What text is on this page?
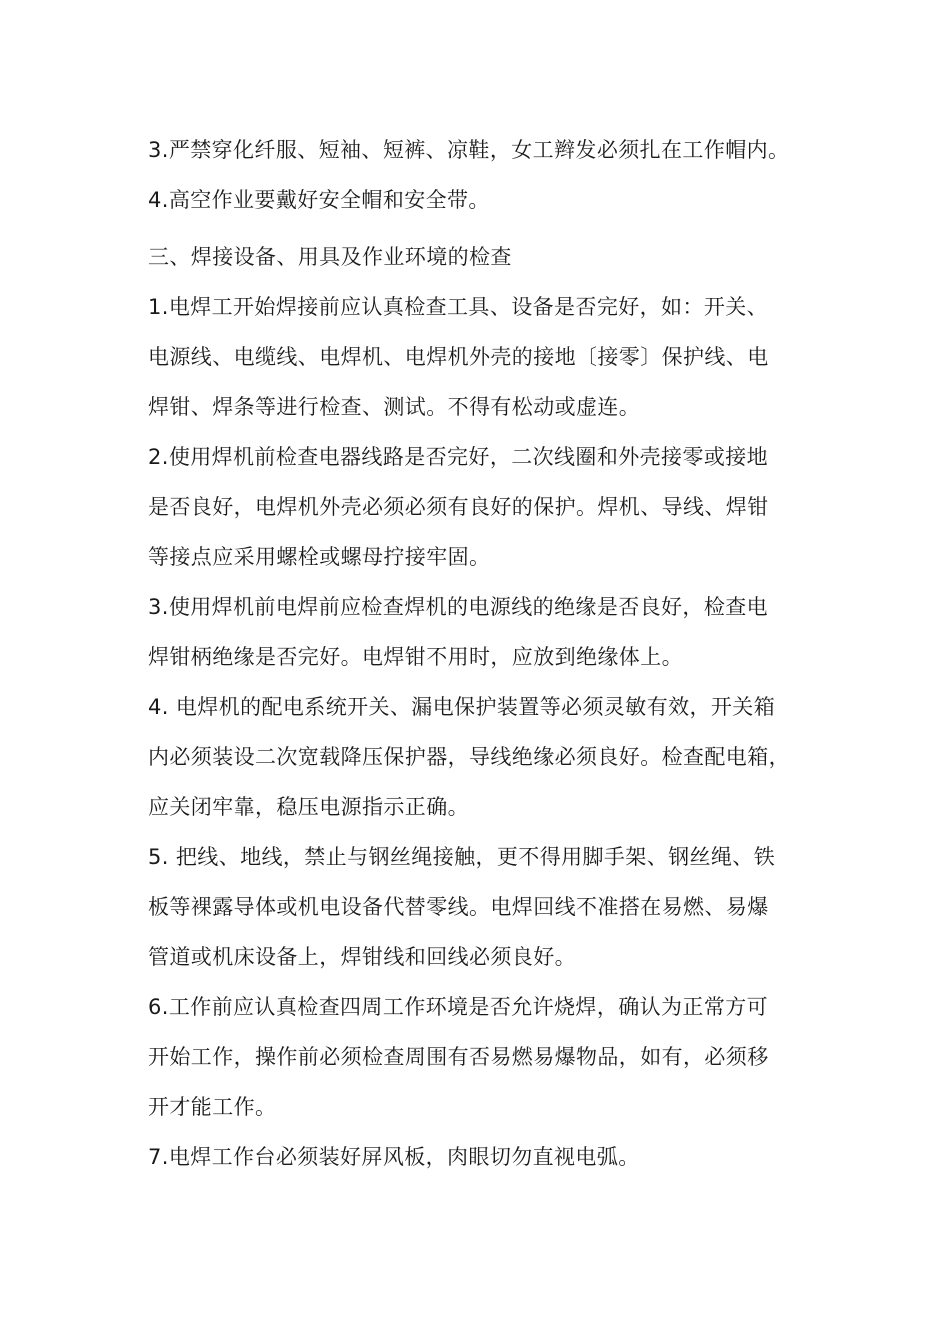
3.严禁穿化纤服、短袖、短裤、凉鞋，女工辫发必须扎在工作帽内。
4.高空作业要戴好安全帽和安全带。
三、焊接设备、用具及作业环境的检查
1.电焊工开始焊接前应认真检查工具、设备是否完好，如：开关、
电源线、电缆线、电焊机、电焊机外壳的接地〔接零〕保护线、电
焊钳、焊条等进行检查、测试。不得有松动或虚连。
2.使用焊机前检查电器线路是否完好，二次线圈和外壳接零或接地
是否良好，电焊机外壳必须必须有良好的保护。焊机、导线、焊钳
等接点应采用螺栓或螺母拧接牢固。
3.使用焊机前电焊前应检查焊机的电源线的绝缘是否良好，检查电
焊钳柄绝缘是否完好。电焊钳不用时，应放到绝缘体上。
4. 电焊机的配电系统开关、漏电保护装置等必须灵敏有效，开关箱
内必须装设二次宽载降压保护器，导线绝缘必须良好。检查配电箱，
应关闭牢靠，稳压电源指示正确。
5. 把线、地线，禁止与钢丝绳接触，更不得用脚手架、钢丝绳、铁
板等裸露导体或机电设备代替零线。电焊回线不准搭在易燃、易爆
管道或机床设备上，焊钳线和回线必须良好。
6.工作前应认真检查四周工作环境是否允许烧焊，确认为正常方可
开始工作，操作前必须检查周围有否易燃易爆物品，如有，必须移
开才能工作。
7.电焊工作台必须装好屏风板，肉眼切勿直视电弧。
